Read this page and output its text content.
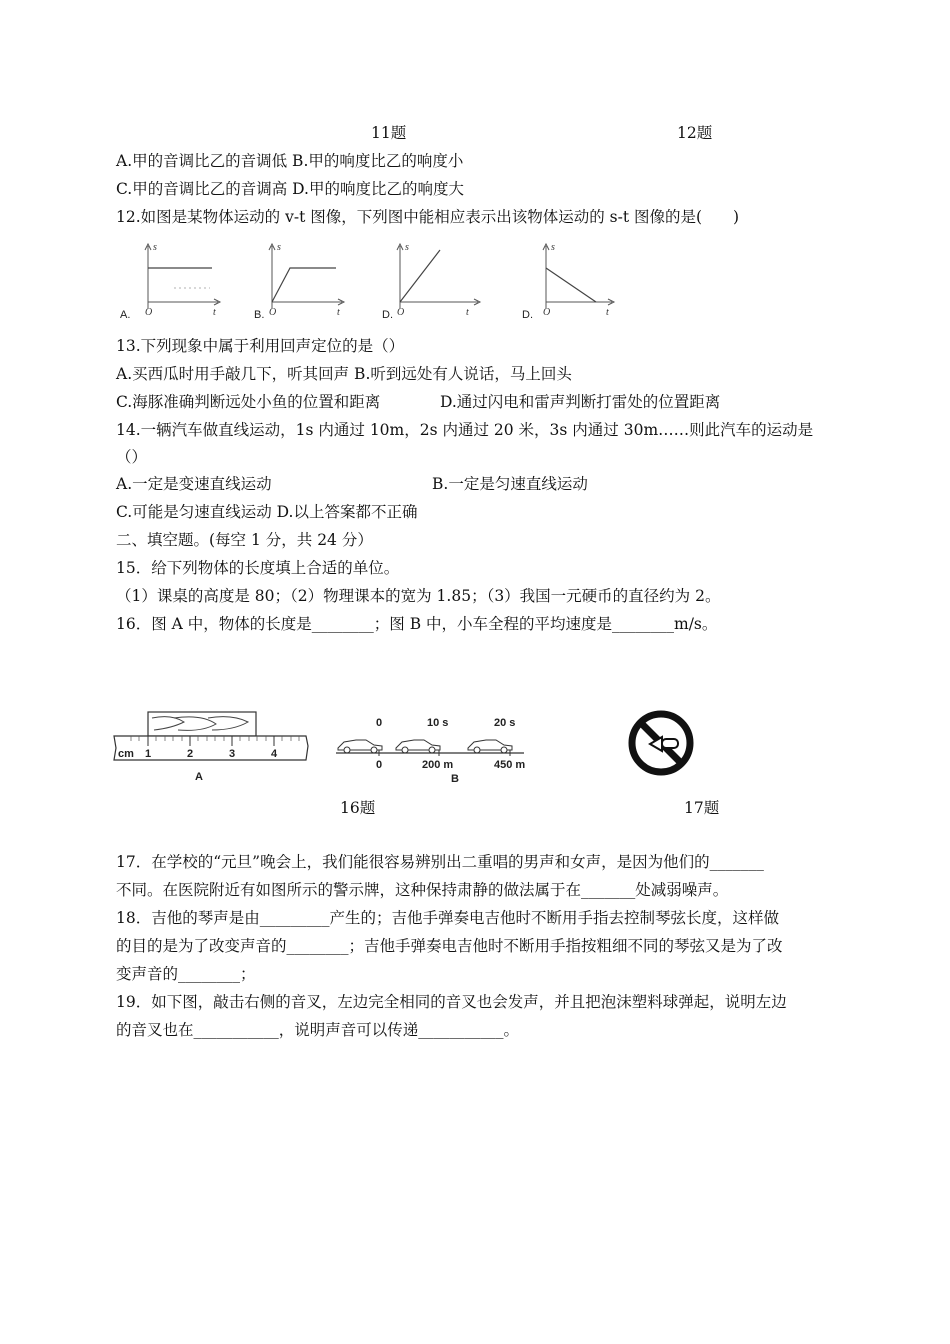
11题	12题
A.甲的音调比乙的音调低 B.甲的响度比乙的响度小
C.甲的音调比乙的音调高 D.甲的响度比乙的响度大
12.如图是某物体运动的 v-t 图像，下列图中能相应表示出该物体运动的 s-t 图像的是(　　)
s
O	t
A.
s
O	t
B.
s
O	t
D.
s
O	t
D.
13.下列现象中属于利用回声定位的是（）
A.买西瓜时用手敲几下，听其回声 B.听到远处有人说话，马上回头
C.海豚准确判断远处小鱼的位置和距离	D.通过闪电和雷声判断打雷处的位置距离
14.一辆汽车做直线运动，1s 内通过 10m，2s 内通过 20 米，3s 内通过 30m……则此汽车的运动是
（）
A.一定是变速直线运动	B.一定是匀速直线运动
C.可能是匀速直线运动 D.以上答案都不正确
二、填空题。(每空 1 分，共 24 分）
15．给下列物体的长度填上合适的单位。
（1）课桌的高度是 80；（2）物理课本的宽为 1.85；（3）我国一元硬币的直径约为 2。
16．图 A 中，物体的长度是________；图 B 中，小车全程的平均速度是________m/s。
cm 1	2	3	4
A
0	10 s	20 s
0	200 m	450 m
B
16题	17题
17．在学校的“元旦”晚会上，我们能很容易辨别出二重唱的男声和女声，是因为他们的_______
不同。在医院附近有如图所示的警示牌，这种保持肃静的做法属于在_______处减弱噪声。
18．吉他的琴声是由_________产生的；吉他手弹奏电吉他时不断用手指去控制琴弦长度，这样做
的目的是为了改变声音的________；吉他手弹奏电吉他时不断用手指按粗细不同的琴弦又是为了改
变声音的________；
19．如下图，敲击右侧的音叉，左边完全相同的音叉也会发声，并且把泡沫塑料球弹起，说明左边
的音叉也在___________，说明声音可以传递___________。
